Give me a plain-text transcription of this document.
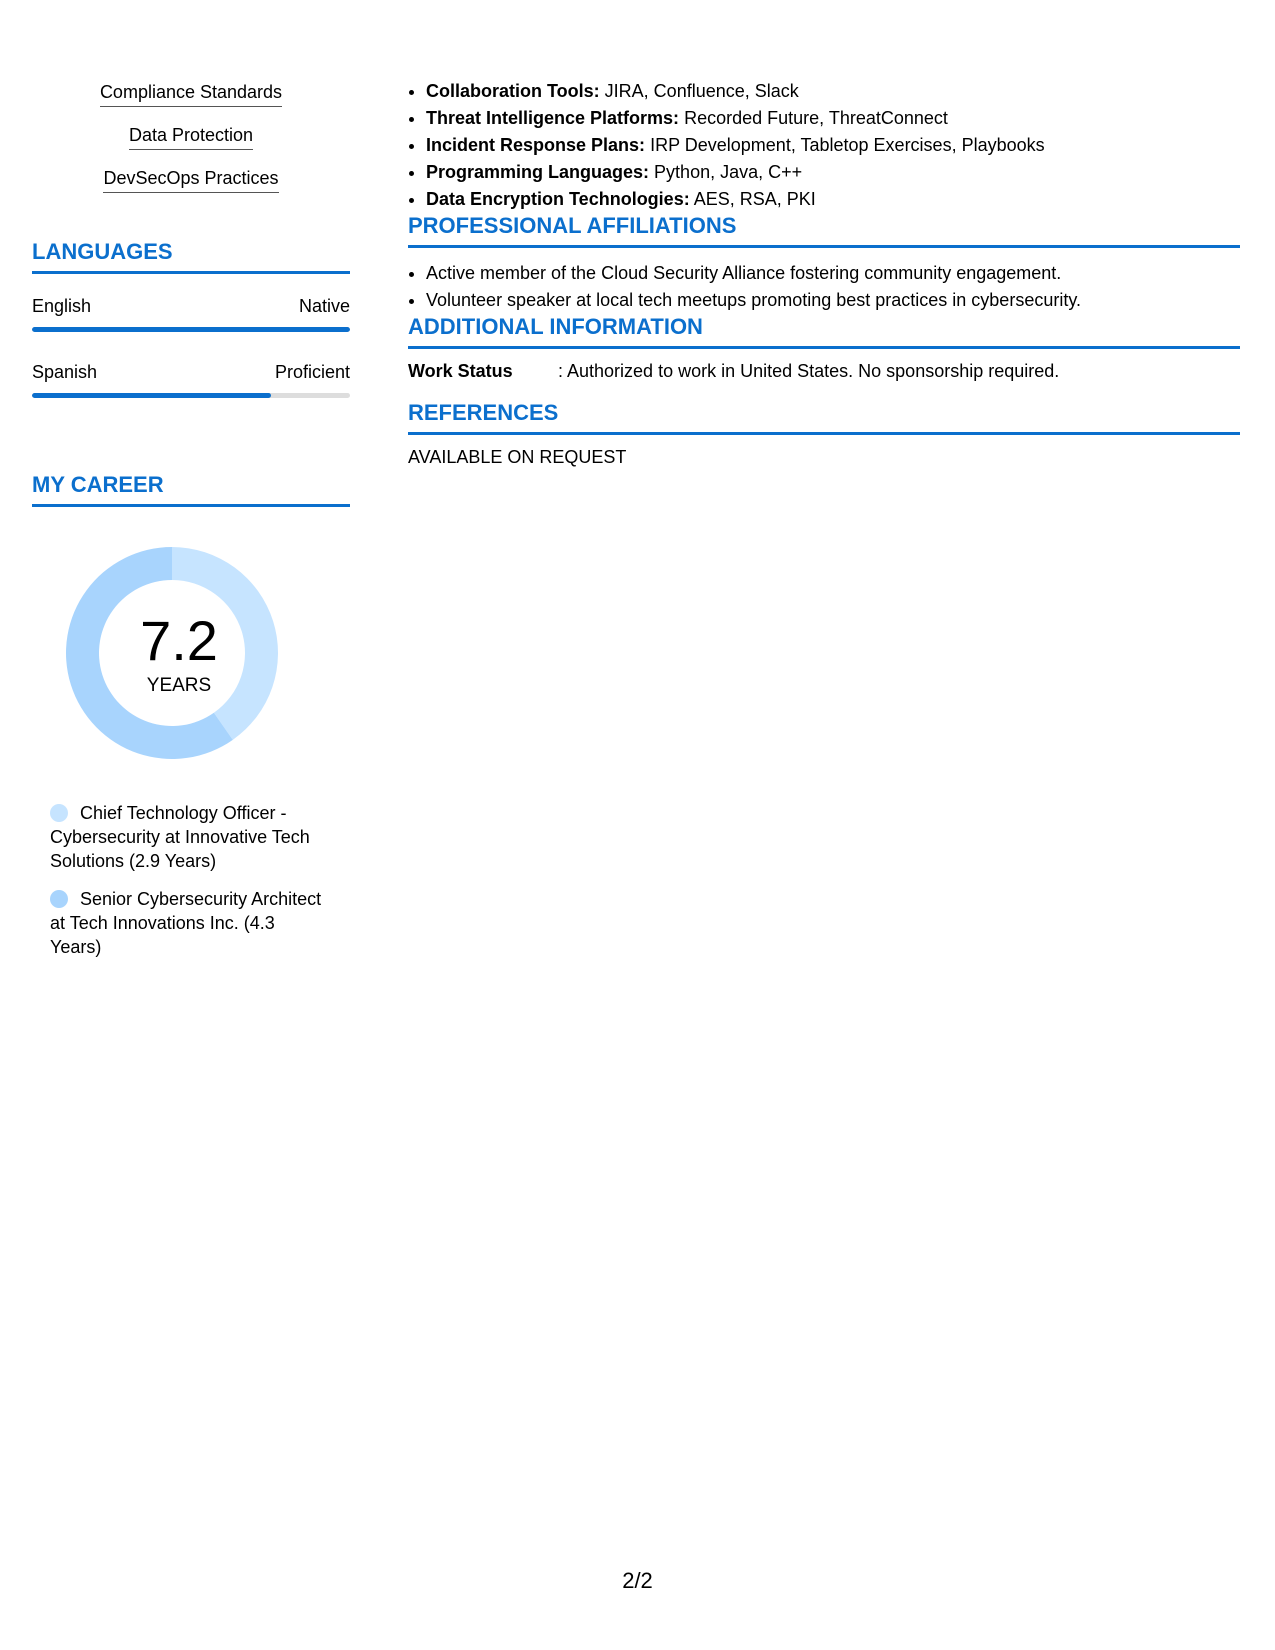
Compliance Standards
Data Protection
DevSecOps Practices
LANGUAGES
English	Native
Spanish	Proficient
MY CAREER
7.2
YEARS
Chief Technology Officer - Cybersecurity at Innovative Tech Solutions (2.9 Years)
Senior Cybersecurity Architect at Tech Innovations Inc. (4.3 Years)
• Collaboration Tools: JIRA, Confluence, Slack
• Threat Intelligence Platforms: Recorded Future, ThreatConnect
• Incident Response Plans: IRP Development, Tabletop Exercises, Playbooks
• Programming Languages: Python, Java, C++
• Data Encryption Technologies: AES, RSA, PKI
PROFESSIONAL AFFILIATIONS
• Active member of the Cloud Security Alliance fostering community engagement.
• Volunteer speaker at local tech meetups promoting best practices in cybersecurity.
ADDITIONAL INFORMATION
Work Status	: Authorized to work in United States. No sponsorship required.
REFERENCES
AVAILABLE ON REQUEST
2/2
